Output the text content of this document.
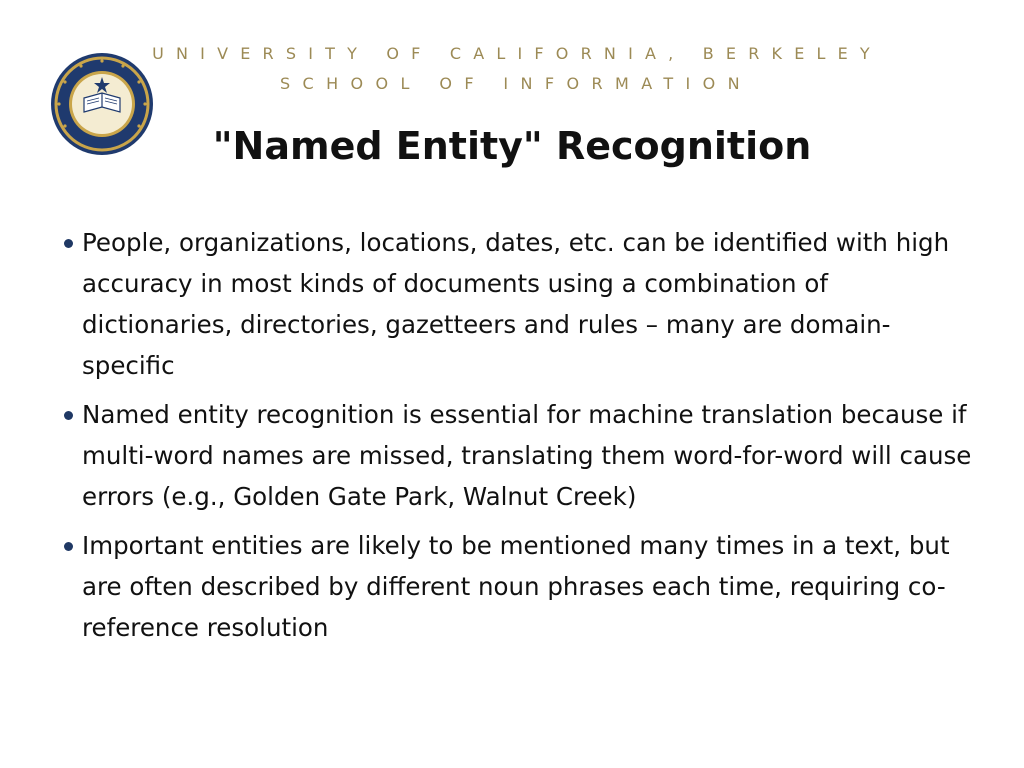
UNIVERSITY OF CALIFORNIA, BERKELEY
SCHOOL OF INFORMATION
"Named Entity" Recognition
People, organizations, locations, dates, etc. can be identified with high accuracy in most kinds of documents using a combination of dictionaries, directories, gazetteers and rules – many are domain-specific
Named entity recognition is essential for machine translation because if multi-word names are missed, translating them word-for-word will cause errors (e.g., Golden Gate Park, Walnut Creek)
Important entities are likely to be mentioned many times in a text, but are often described by different noun phrases each time, requiring co-reference resolution
